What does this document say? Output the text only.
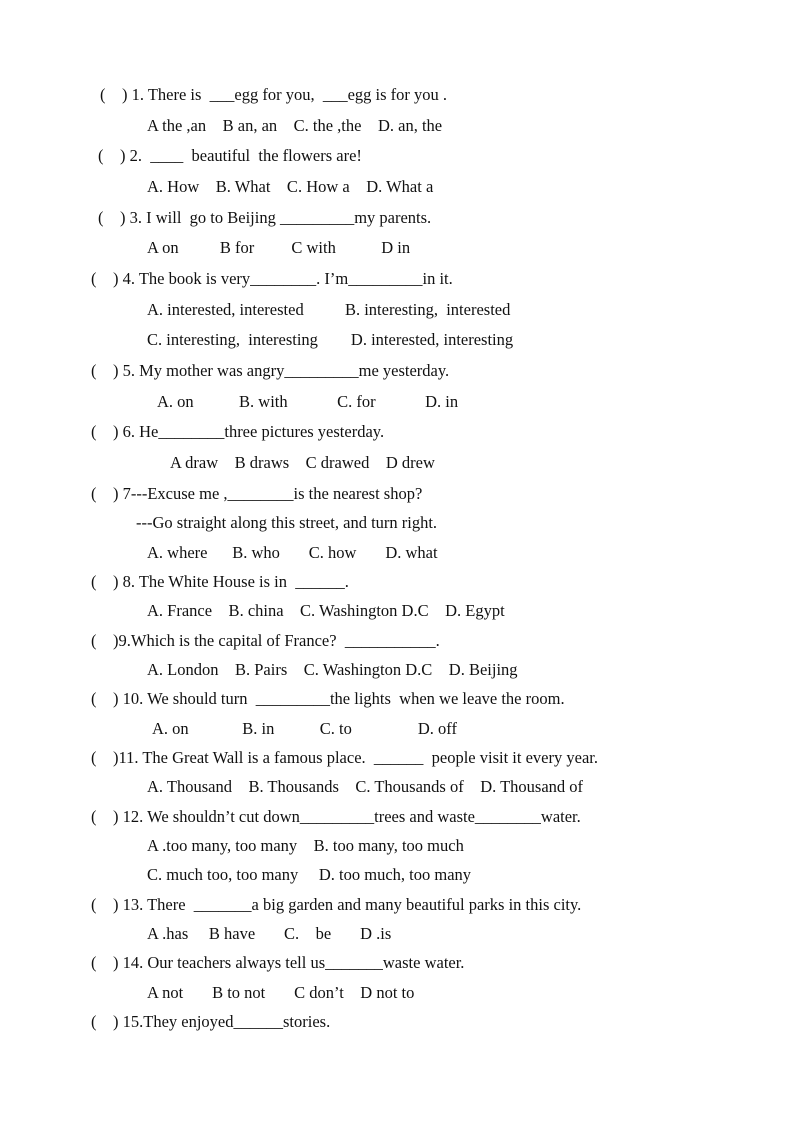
(　) 1. There is  ___egg for you,  ___egg is for you .
A the ,an    B an, an    C. the ,the    D. an, the
(    ) 2.  ____  beautiful  the flowers are!
A. How    B. What    C. How a    D. What a
(    ) 3. I will  go to Beijing _________my parents.
A on          B for         C with           D in
(    ) 4. The book is very________. I’m_________in it.
A. interested, interested          B. interesting,  interested
C. interesting,  interesting        D. interested, interesting
(    ) 5. My mother was angry_________me yesterday.
A. on           B. with            C. for            D. in
(    ) 6. He________three pictures yesterday.
A draw    B draws    C drawed    D drew
(    ) 7---Excuse me ,________is the nearest shop?
---Go straight along this street, and turn right.
A. where      B. who       C. how       D. what
(    ) 8. The White House is in  ______.
A. France    B. china    C. Washington D.C    D. Egypt
(    )9.Which is the capital of France?  ___________.
A. London    B. Pairs    C. Washington D.C    D. Beijing
(    ) 10. We should turn  _________the lights  when we leave the room.
A. on             B. in           C. to                D. off
(    )11. The Great Wall is a famous place.  ______  people visit it every year.
A. Thousand    B. Thousands    C. Thousands of    D. Thousand of
(    ) 12. We shouldn’t cut down_________trees and waste________water.
A .too many, too many    B. too many, too much
C. much too, too many     D. too much, too many
(    ) 13. There  _______a big garden and many beautiful parks in this city.
A .has     B have       C.    be       D .is
(    ) 14. Our teachers always tell us_______waste water.
A not       B to not       C don’t    D not to
(    ) 15.They enjoyed______stories.
